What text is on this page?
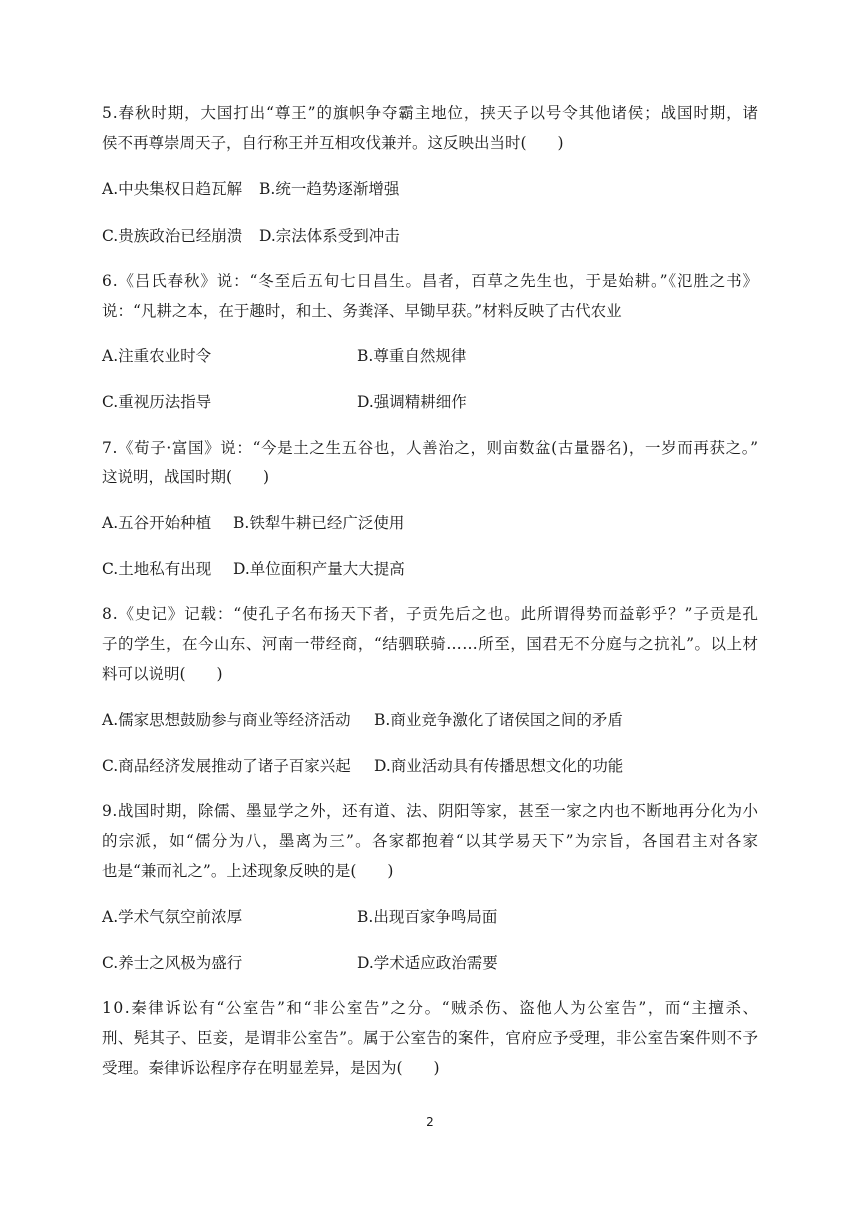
5.春秋时期，大国打出“尊王”的旗帜争夺霸主地位，挟天子以号令其他诸侯；战国时期，诸
侯不再尊崇周天子，自行称王并互相攻伐兼并。这反映出当时(　　)
A.中央集权日趋瓦解 B.统一趋势逐渐增强
C.贵族政治已经崩溃 D.宗法体系受到冲击
6.《吕氏春秋》说：“冬至后五旬七日昌生。昌者，百草之先生也，于是始耕。”《氾胜之书》
说：“凡耕之本，在于趣时，和土、务粪泽、早锄早获。”材料反映了古代农业
A.注重农业时令	B.尊重自然规律
C.重视历法指导	D.强调精耕细作
7.《荀子·富国》说：“今是土之生五谷也，人善治之，则亩数盆(古量器名)，一岁而再获之。”
这说明，战国时期(　　)
A.五谷开始种植 B.铁犁牛耕已经广泛使用
C.土地私有出现 D.单位面积产量大大提高
8.《史记》记载：“使孔子名布扬天下者，子贡先后之也。此所谓得势而益彰乎？”子贡是孔
子的学生，在今山东、河南一带经商，“结驷联骑……所至，国君无不分庭与之抗礼”。以上材
料可以说明(　　)
A.儒家思想鼓励参与商业等经济活动 B.商业竞争激化了诸侯国之间的矛盾
C.商品经济发展推动了诸子百家兴起 D.商业活动具有传播思想文化的功能
9.战国时期，除儒、墨显学之外，还有道、法、阴阳等家，甚至一家之内也不断地再分化为小
的宗派，如“儒分为八，墨离为三”。各家都抱着“以其学易天下”为宗旨，各国君主对各家
也是“兼而礼之”。上述现象反映的是(　　)
A.学术气氛空前浓厚	B.出现百家争鸣局面
C.养士之风极为盛行	D.学术适应政治需要
10.秦律诉讼有“公室告”和“非公室告”之分。“贼杀伤、盗他人为公室告”，而“主擅杀、
刑、髡其子、臣妾，是谓非公室告”。属于公室告的案件，官府应予受理，非公室告案件则不予
受理。秦律诉讼程序存在明显差异，是因为(　　)
2
